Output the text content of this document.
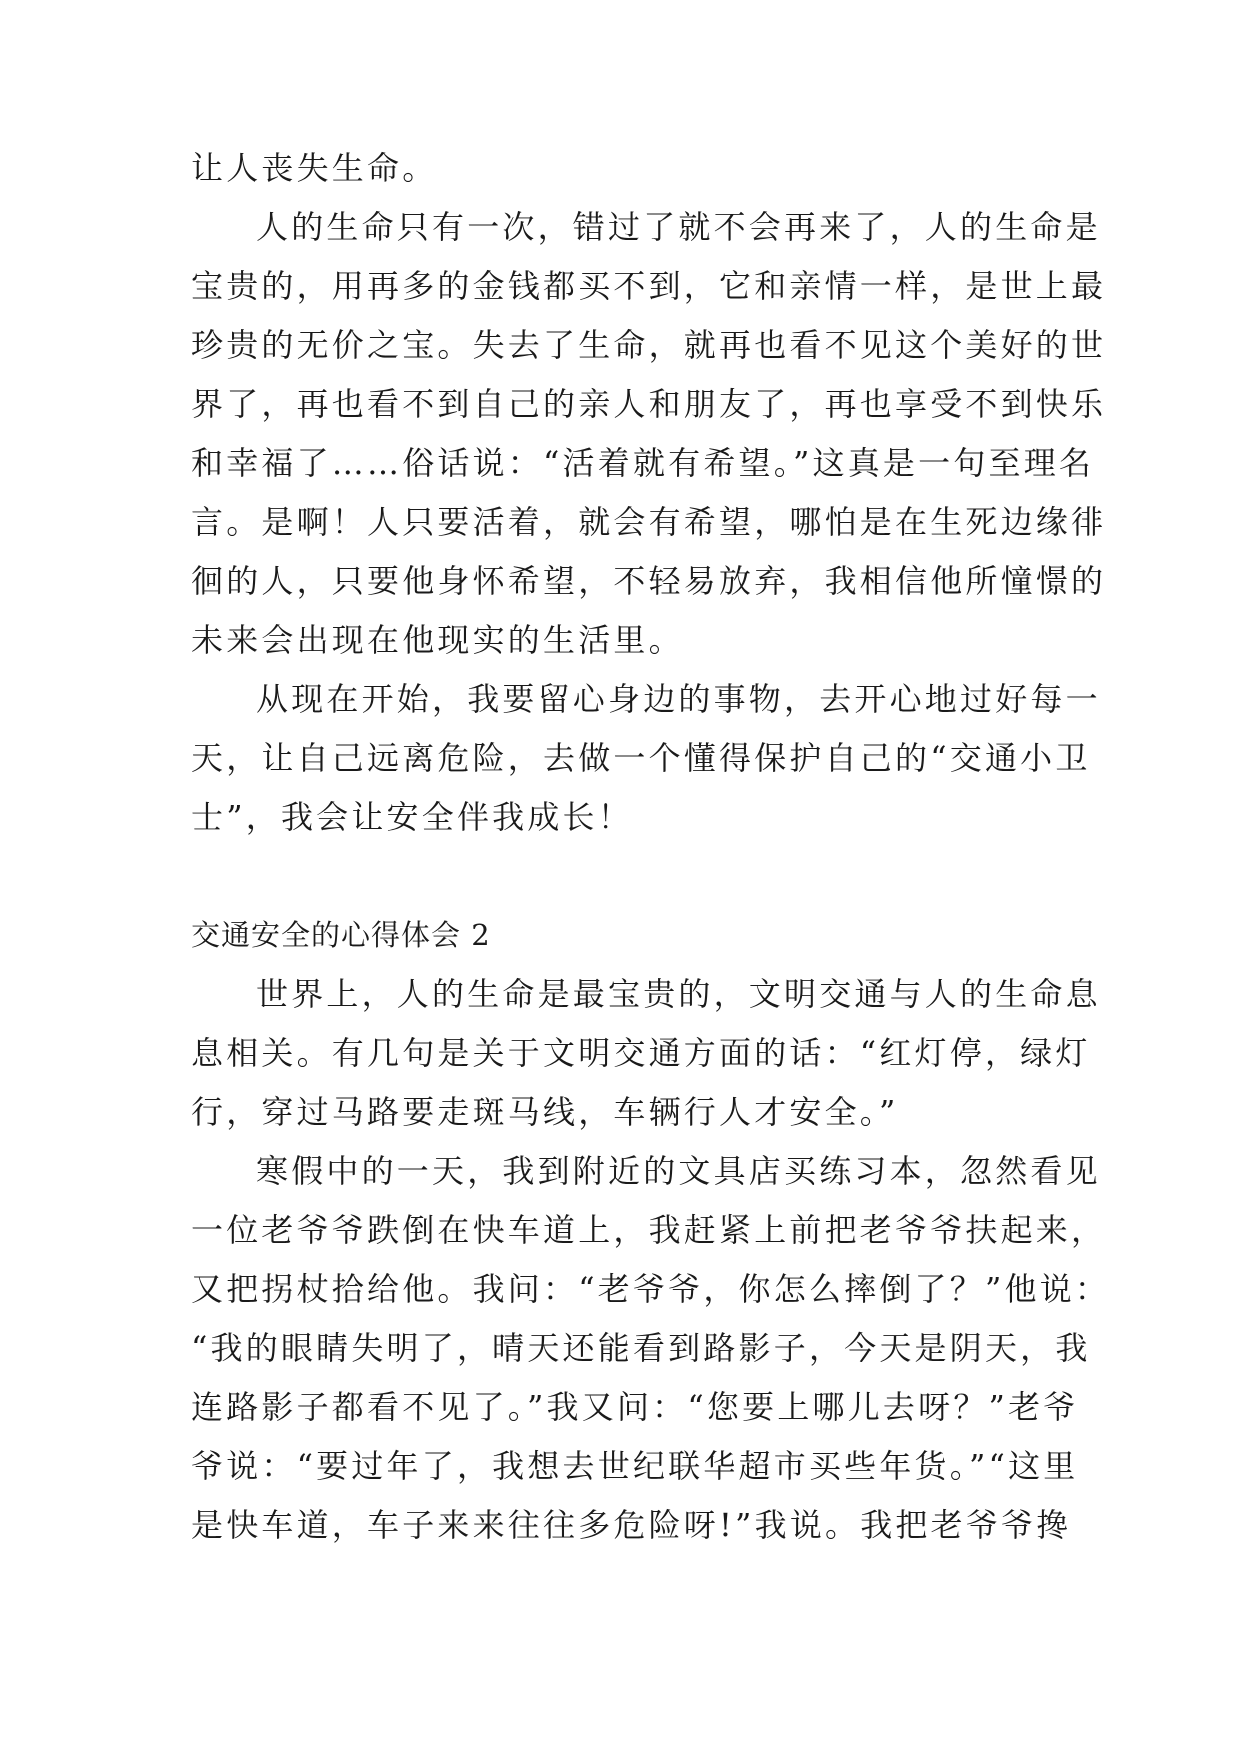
让人丧失生命。
人的生命只有一次，错过了就不会再来了，人的生命是
宝贵的，用再多的金钱都买不到，它和亲情一样，是世上最
珍贵的无价之宝。失去了生命，就再也看不见这个美好的世
界了，再也看不到自己的亲人和朋友了，再也享受不到快乐
和幸福了……俗话说：“活着就有希望。”这真是一句至理名
言。是啊！人只要活着，就会有希望，哪怕是在生死边缘徘
徊的人，只要他身怀希望，不轻易放弃，我相信他所憧憬的
未来会出现在他现实的生活里。
从现在开始，我要留心身边的事物，去开心地过好每一
天，让自己远离危险，去做一个懂得保护自己的“交通小卫
士”，我会让安全伴我成长！
交通安全的心得体会 2
世界上，人的生命是最宝贵的，文明交通与人的生命息
息相关。有几句是关于文明交通方面的话：“红灯停，绿灯
行，穿过马路要走斑马线，车辆行人才安全。”
寒假中的一天，我到附近的文具店买练习本，忽然看见
一位老爷爷跌倒在快车道上，我赶紧上前把老爷爷扶起来，
又把拐杖拾给他。我问：“老爷爷，你怎么摔倒了？”他说：
“我的眼睛失明了，晴天还能看到路影子，今天是阴天，我
连路影子都看不见了。”我又问：“您要上哪儿去呀？”老爷
爷说：“要过年了，我想去世纪联华超市买些年货。”“这里
是快车道，车子来来往往多危险呀!”我说。我把老爷爷搀
